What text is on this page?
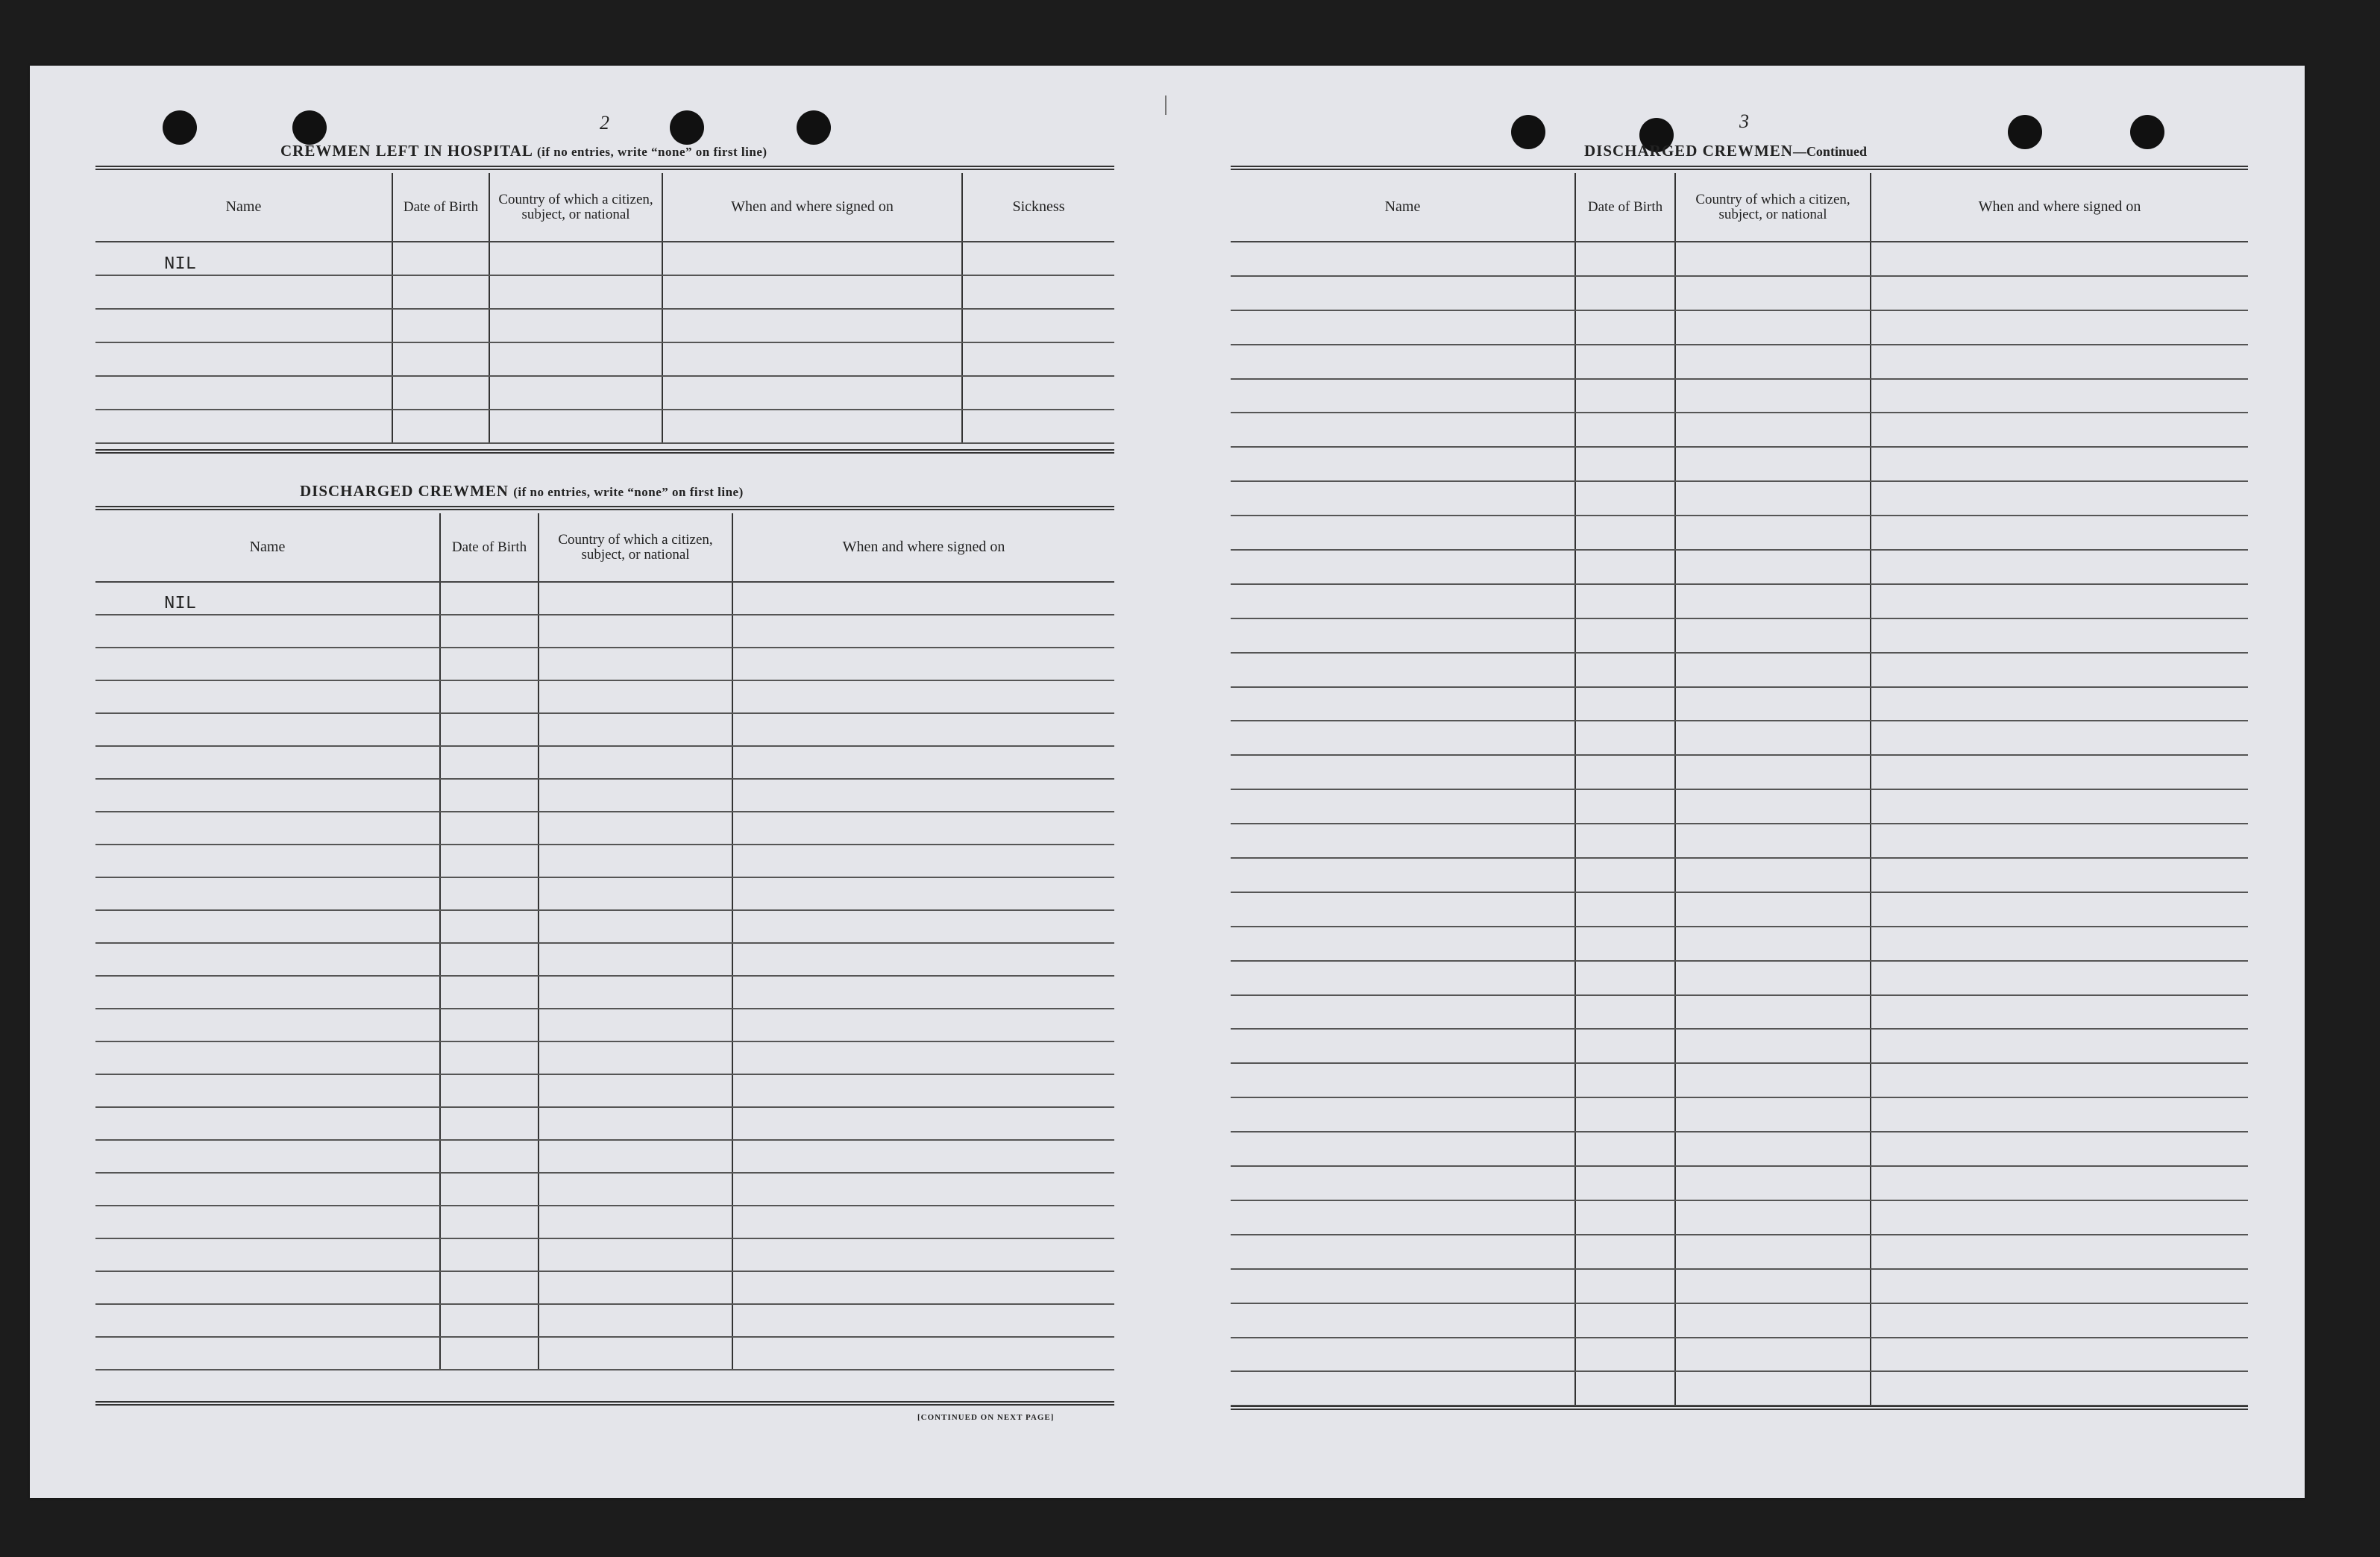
2
CREWMEN LEFT IN HOSPITAL (if no entries, write “none” on first line)
Name	Date of Birth	Country of which a citizen, subject, or national	When and where signed on	Sickness
NIL				

DISCHARGED CREWMEN (if no entries, write “none” on first line)
Name	Date of Birth	Country of which a citizen, subject, or national	When and where signed on
NIL			

[CONTINUED ON NEXT PAGE]
3
DISCHARGED CREWMEN—Continued
Name	Date of Birth	Country of which a citizen, subject, or national	When and where signed on
